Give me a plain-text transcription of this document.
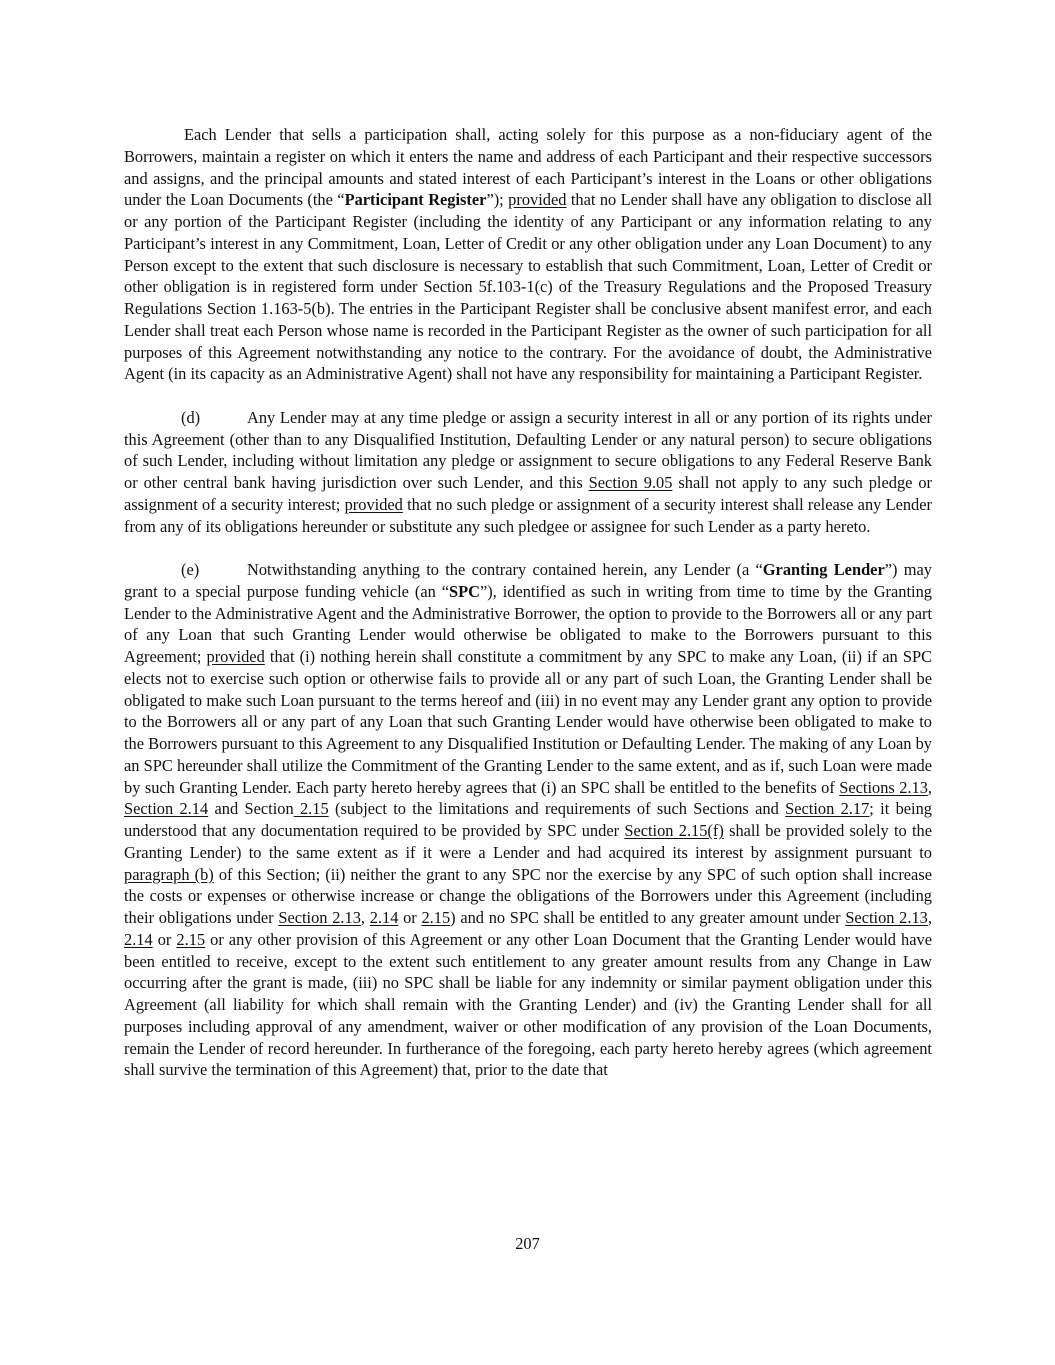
Each Lender that sells a participation shall, acting solely for this purpose as a non-fiduciary agent of the Borrowers, maintain a register on which it enters the name and address of each Participant and their respective successors and assigns, and the principal amounts and stated interest of each Participant’s interest in the Loans or other obligations under the Loan Documents (the “Participant Register”); provided that no Lender shall have any obligation to disclose all or any portion of the Participant Register (including the identity of any Participant or any information relating to any Participant’s interest in any Commitment, Loan, Letter of Credit or any other obligation under any Loan Document) to any Person except to the extent that such disclosure is necessary to establish that such Commitment, Loan, Letter of Credit or other obligation is in registered form under Section 5f.103-1(c) of the Treasury Regulations and the Proposed Treasury Regulations Section 1.163-5(b). The entries in the Participant Register shall be conclusive absent manifest error, and each Lender shall treat each Person whose name is recorded in the Participant Register as the owner of such participation for all purposes of this Agreement notwithstanding any notice to the contrary. For the avoidance of doubt, the Administrative Agent (in its capacity as an Administrative Agent) shall not have any responsibility for maintaining a Participant Register.

(d)	Any Lender may at any time pledge or assign a security interest in all or any portion of its rights under this Agreement (other than to any Disqualified Institution, Defaulting Lender or any natural person) to secure obligations of such Lender, including without limitation any pledge or assignment to secure obligations to any Federal Reserve Bank or other central bank having jurisdiction over such Lender, and this Section 9.05 shall not apply to any such pledge or assignment of a security interest; provided that no such pledge or assignment of a security interest shall release any Lender from any of its obligations hereunder or substitute any such pledgee or assignee for such Lender as a party hereto.

(e)	Notwithstanding anything to the contrary contained herein, any Lender (a “Granting Lender”) may grant to a special purpose funding vehicle (an “SPC”), identified as such in writing from time to time by the Granting Lender to the Administrative Agent and the Administrative Borrower, the option to provide to the Borrowers all or any part of any Loan that such Granting Lender would otherwise be obligated to make to the Borrowers pursuant to this Agreement; provided that (i) nothing herein shall constitute a commitment by any SPC to make any Loan, (ii) if an SPC elects not to exercise such option or otherwise fails to provide all or any part of such Loan, the Granting Lender shall be obligated to make such Loan pursuant to the terms hereof and (iii) in no event may any Lender grant any option to provide to the Borrowers all or any part of any Loan that such Granting Lender would have otherwise been obligated to make to the Borrowers pursuant to this Agreement to any Disqualified Institution or Defaulting Lender. The making of any Loan by an SPC hereunder shall utilize the Commitment of the Granting Lender to the same extent, and as if, such Loan were made by such Granting Lender. Each party hereto hereby agrees that (i) an SPC shall be entitled to the benefits of Sections 2.13, Section 2.14 and Section 2.15 (subject to the limitations and requirements of such Sections and Section 2.17; it being understood that any documentation required to be provided by SPC under Section 2.15(f) shall be provided solely to the Granting Lender) to the same extent as if it were a Lender and had acquired its interest by assignment pursuant to paragraph (b) of this Section; (ii) neither the grant to any SPC nor the exercise by any SPC of such option shall increase the costs or expenses or otherwise increase or change the obligations of the Borrowers under this Agreement (including their obligations under Section 2.13, 2.14 or 2.15) and no SPC shall be entitled to any greater amount under Section 2.13, 2.14 or 2.15 or any other provision of this Agreement or any other Loan Document that the Granting Lender would have been entitled to receive, except to the extent such entitlement to any greater amount results from any Change in Law occurring after the grant is made, (iii) no SPC shall be liable for any indemnity or similar payment obligation under this Agreement (all liability for which shall remain with the Granting Lender) and (iv) the Granting Lender shall for all purposes including approval of any amendment, waiver or other modification of any provision of the Loan Documents, remain the Lender of record hereunder. In furtherance of the foregoing, each party hereto hereby agrees (which agreement shall survive the termination of this Agreement) that, prior to the date that

207
